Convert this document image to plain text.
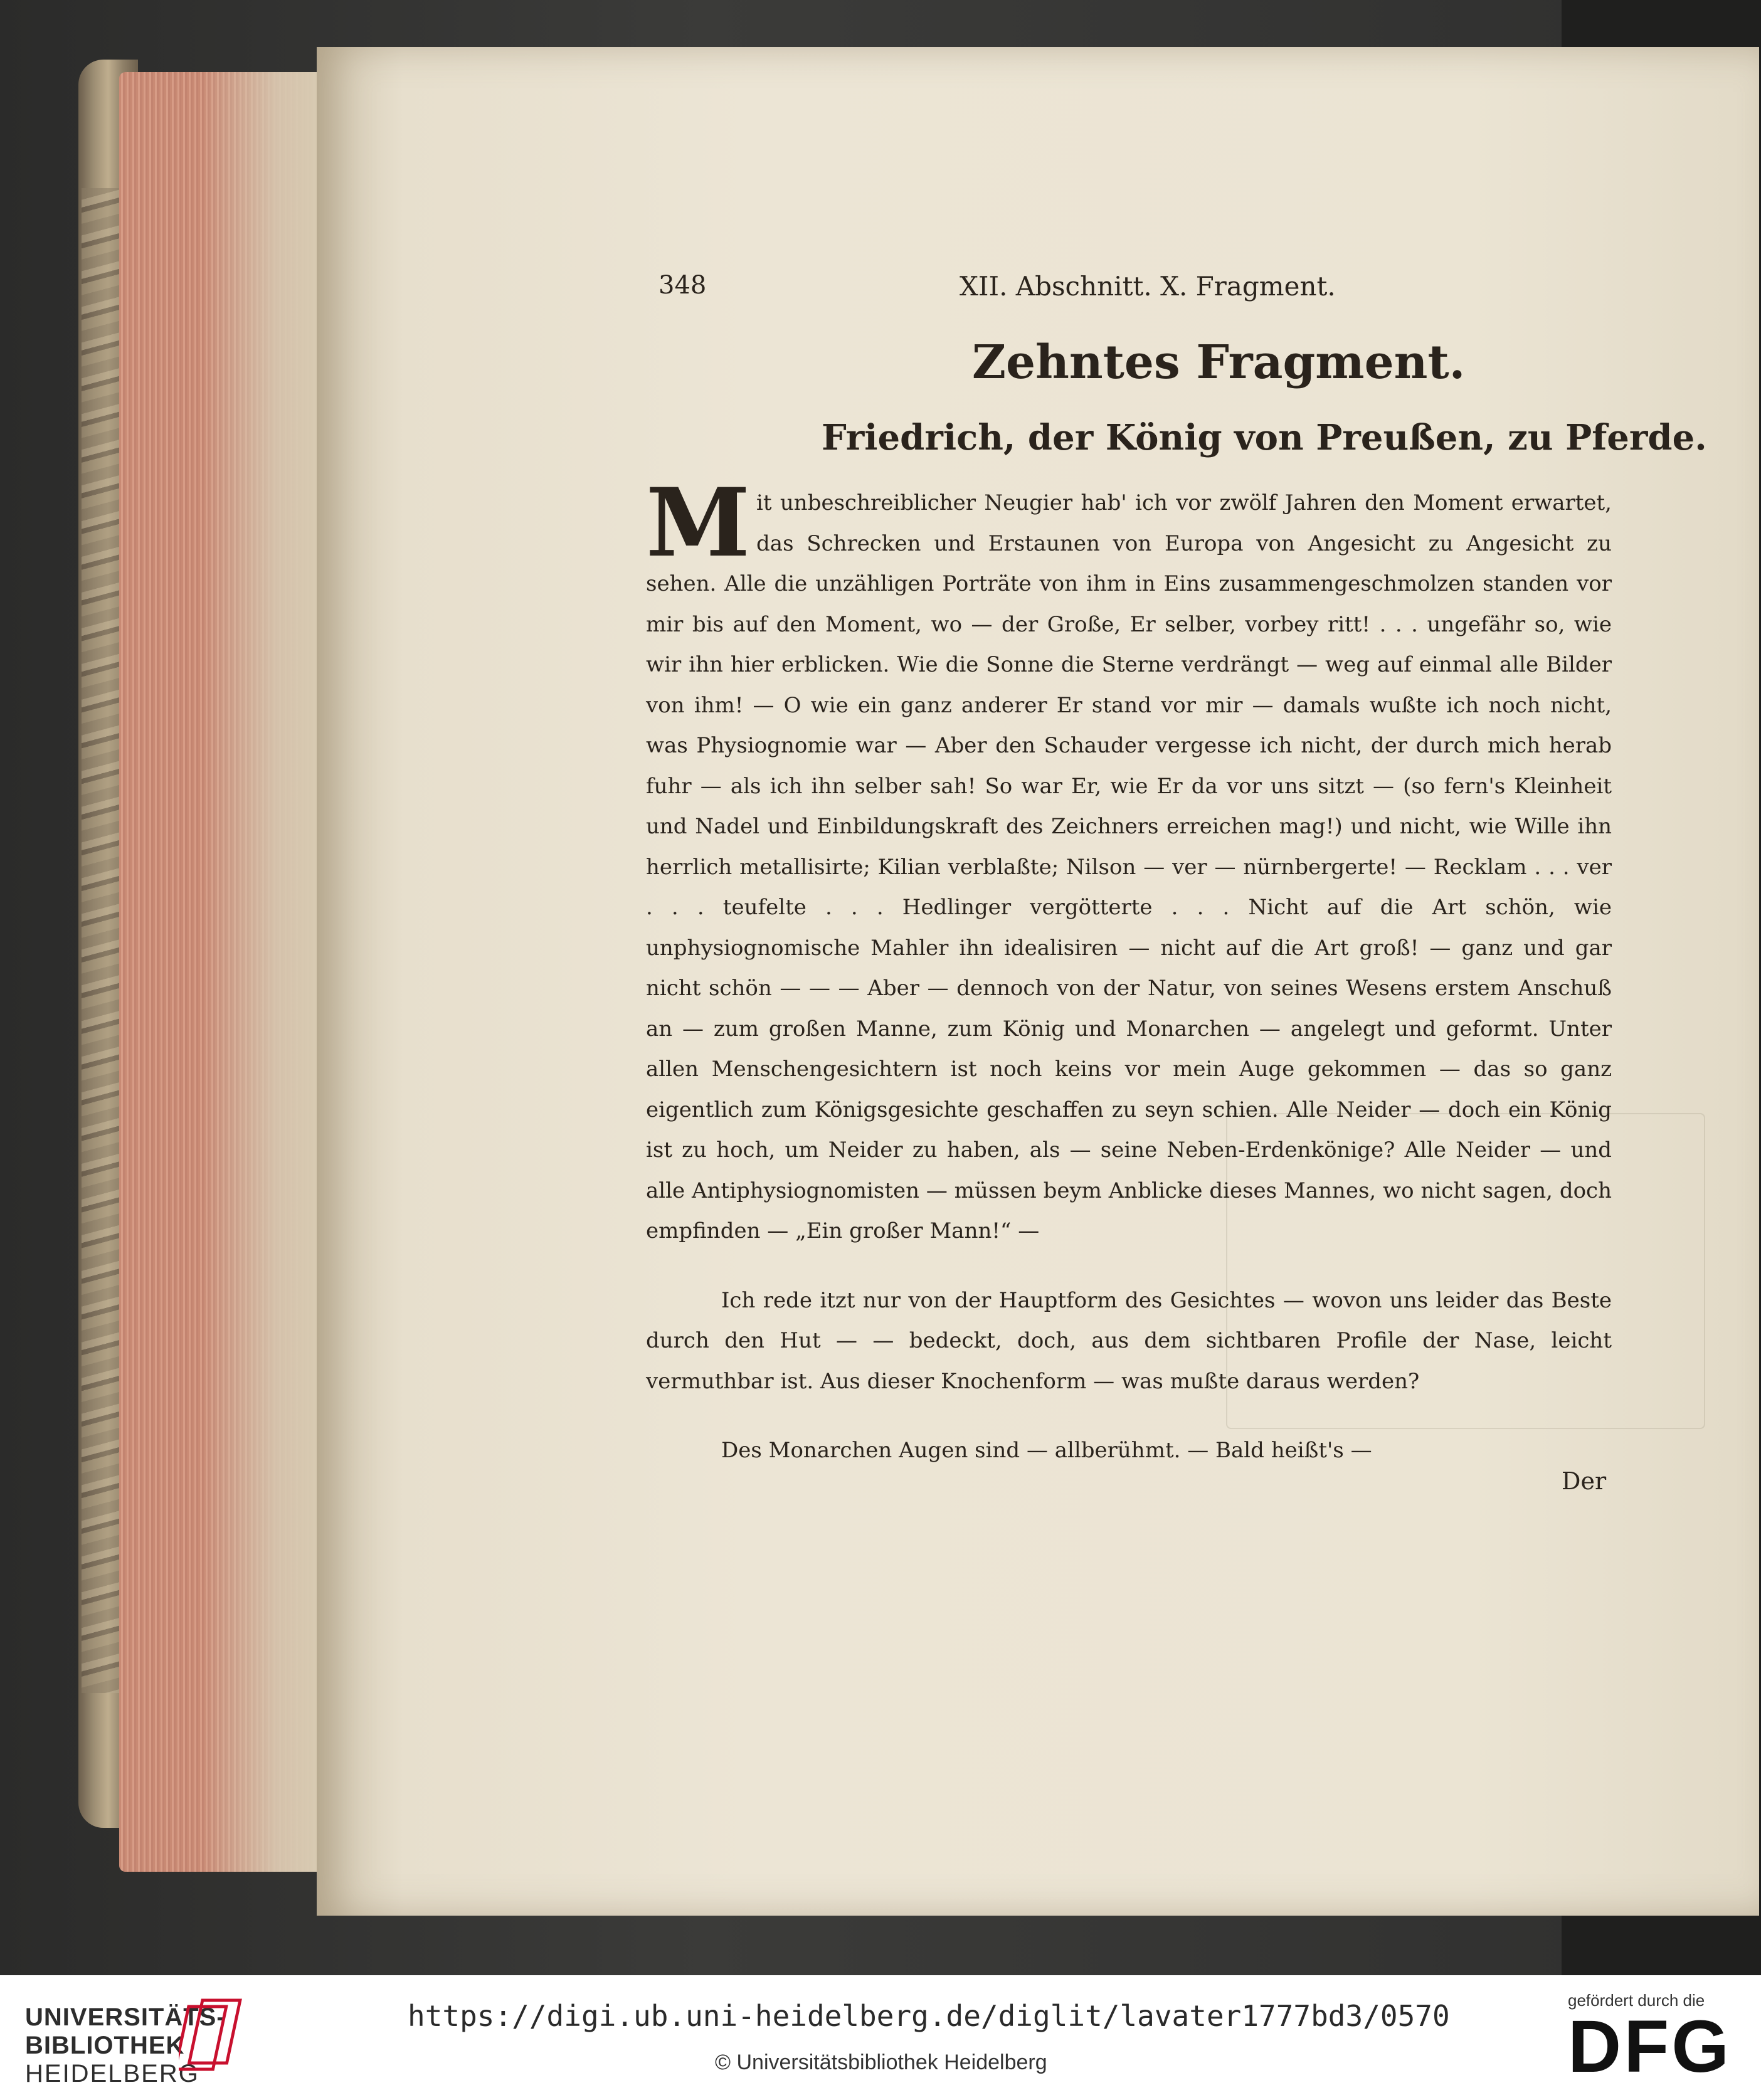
348	XII. Abschnitt. X. Fragment.
Zehntes Fragment.
Friedrich, der König von Preußen, zu Pferde.

Mit unbeschreiblicher Neugier hab' ich vor zwölf Jahren den Moment erwartet, das Schrecken und Erstaunen von Europa von Angesicht zu Angesicht zu sehen. Alle die unzähligen Porträte von ihm in Eins zusammengeschmolzen standen vor mir bis auf den Moment, wo — der Große, Er selber, vorbey ritt! . . . ungefähr so, wie wir ihn hier erblicken. Wie die Sonne die Sterne verdrängt — weg auf einmal alle Bilder von ihm! — O wie ein ganz anderer Er stand vor mir — damals wußte ich noch nicht, was Physiognomie war — Aber den Schauder vergesse ich nicht, der durch mich herab fuhr — als ich ihn selber sah! So war Er, wie Er da vor uns sitzt — (so fern's Kleinheit und Nadel und Einbildungskraft des Zeichners erreichen mag!) und nicht, wie Wille ihn herrlich metallisirte; Kilian verblaßte; Nilson — ver — nürnbergerte! — Recklam . . . ver . . . teufelte . . . Hedlinger vergötterte . . . Nicht auf die Art schön, wie unphysiognomische Mahler ihn idealisiren — nicht auf die Art groß! — ganz und gar nicht schön — — — Aber — dennoch von der Natur, von seines Wesens erstem Anschuß an — zum großen Manne, zum König und Monarchen — angelegt und geformt. Unter allen Menschengesichtern ist noch keins vor mein Auge gekommen — das so ganz eigentlich zum Königsgesichte geschaffen zu seyn schien. Alle Neider — doch ein König ist zu hoch, um Neider zu haben, als — seine Neben-Erdenkönige? Alle Neider — und alle Antiphysiognomisten — müssen beym Anblicke dieses Mannes, wo nicht sagen, doch empfinden — „Ein großer Mann!“ —

Ich rede itzt nur von der Hauptform des Gesichtes — wovon uns leider das Beste durch den Hut — — bedeckt, doch, aus dem sichtbaren Profile der Nase, leicht vermuthbar ist. Aus dieser Knochenform — was mußte daraus werden?

Des Monarchen Augen sind — allberühmt. — Bald heißt's —

Der
UNIVERSITÄTS-
BIBLIOTHEK
HEIDELBERG
https://digi.ub.uni-heidelberg.de/diglit/lavater1777bd3/0570
© Universitätsbibliothek Heidelberg
gefördert durch die
DFG
